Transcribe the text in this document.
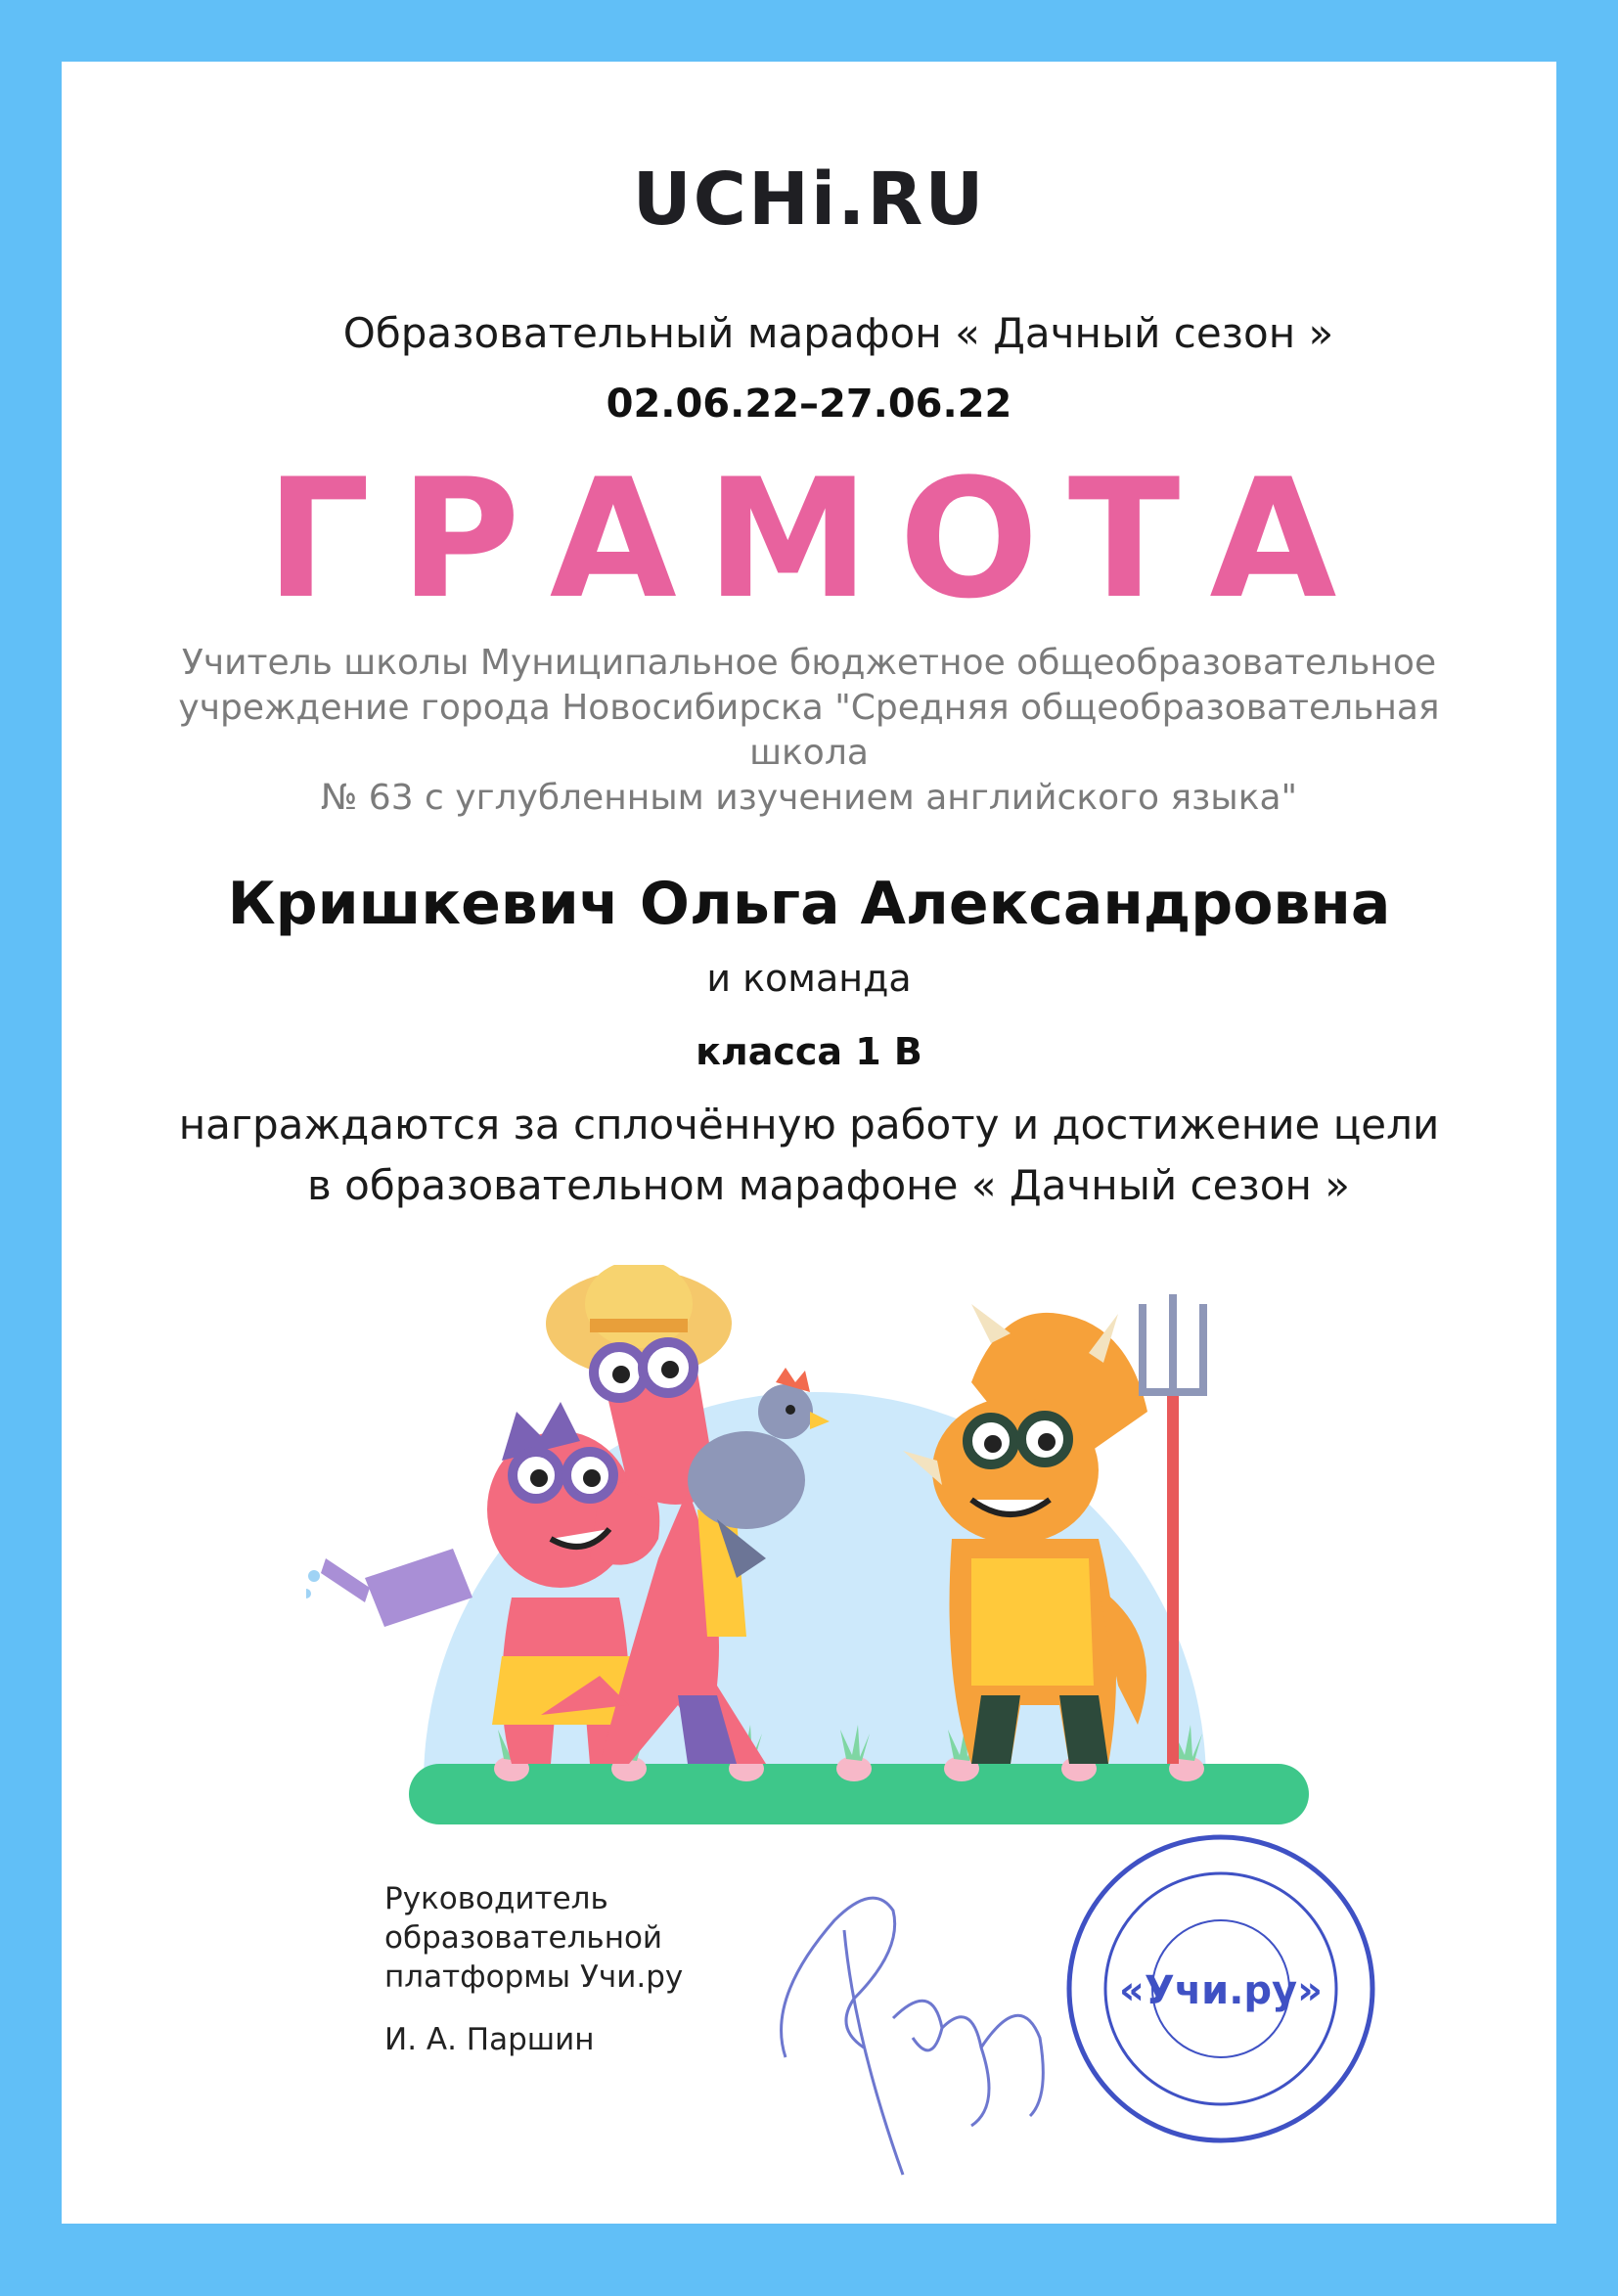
UCHi.RU
Образовательный марафон « Дачный сезон »
02.06.22–27.06.22
ГРАМОТА
Учитель школы Муниципальное бюджетное общеобразовательное
учреждение города Новосибирска "Средняя общеобразовательная школа
№ 63 с углубленным изучением английского языка"
Кришкевич Ольга Александровна
и команда
класса 1 В
награждаются за сплочённую работу и достижение цели
в образовательном марафоне « Дачный сезон »
Руководитель
образовательной
платформы Учи.ру
И. А. Паршин
«Учи.ру»
